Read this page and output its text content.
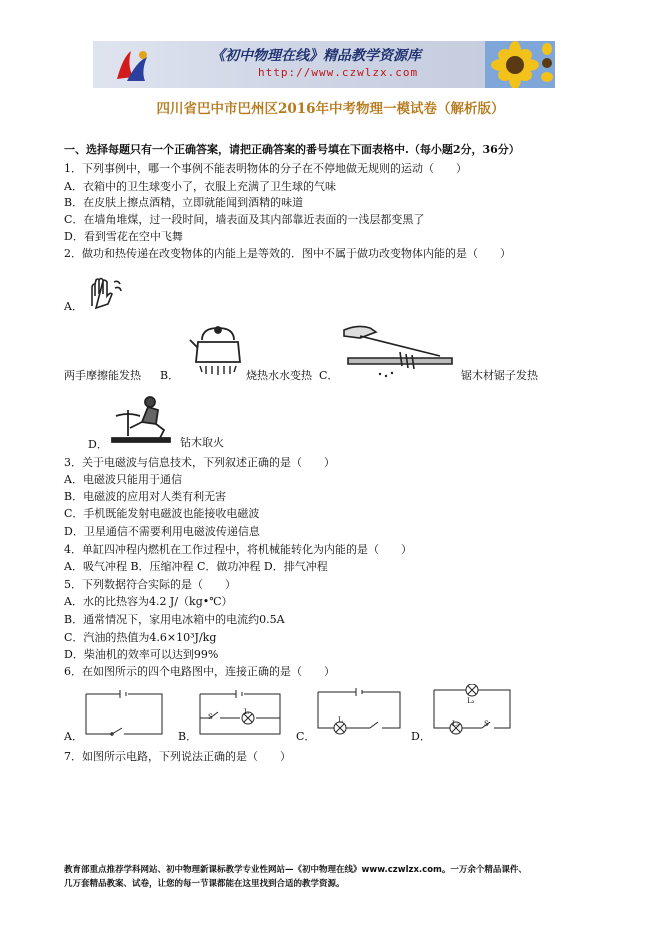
《初中物理在线》精品教学资源库
http://www.czwlzx.com
四川省巴中市巴州区2016年中考物理一模试卷（解析版）
一、选择每题只有一个正确答案，请把正确答案的番号填在下面表格中.（每小题2分，36分）
1．下列事例中，哪一个事例不能表明物体的分子在不停地做无规则的运动（　　）
A．衣箱中的卫生球变小了，衣服上充满了卫生球的气味
B．在皮肤上擦点酒精，立即就能闻到酒精的味道
C．在墙角堆煤，过一段时间，墙表面及其内部靠近表面的一浅层都变黑了
D．看到雪花在空中飞舞
2．做功和热传递在改变物体的内能上是等效的．图中不属于做功改变物体内能的是（　　）
A．
两手摩擦能发热 B．	烧热水水变热 C．	锯木材锯子发热
D．	钻木取火
3．关于电磁波与信息技术，下列叙述正确的是（　　）
A．电磁波只能用于通信
B．电磁波的应用对人类有利无害
C．手机既能发射电磁波也能接收电磁波
D．卫星通信不需要利用电磁波传递信息
4．单缸四冲程内燃机在工作过程中，将机械能转化为内能的是（　　）
A．吸气冲程 B．压缩冲程 C．做功冲程 D．排气冲程
5．下列数据符合实际的是（　　）
A．水的比热容为4.2 J/（kg•℃）
B．通常情况下，家用电冰箱中的电流约0.5A
C．汽油的热值为4.6×10³J/kg
D．柴油机的效率可以达到99%
6．在如图所示的四个电路图中，连接正确的是（　　）
A．	B．
S
L
C．
L
D．
L₂
L₁	S
7．如图所示电路，下列说法正确的是（　　）
教育部重点推荐学科网站、初中物理新课标教学专业性网站—《初中物理在线》www.czwlzx.com。一万余个精品课件、
几万套精品教案、试卷，让您的每一节课都能在这里找到合适的教学资源。
